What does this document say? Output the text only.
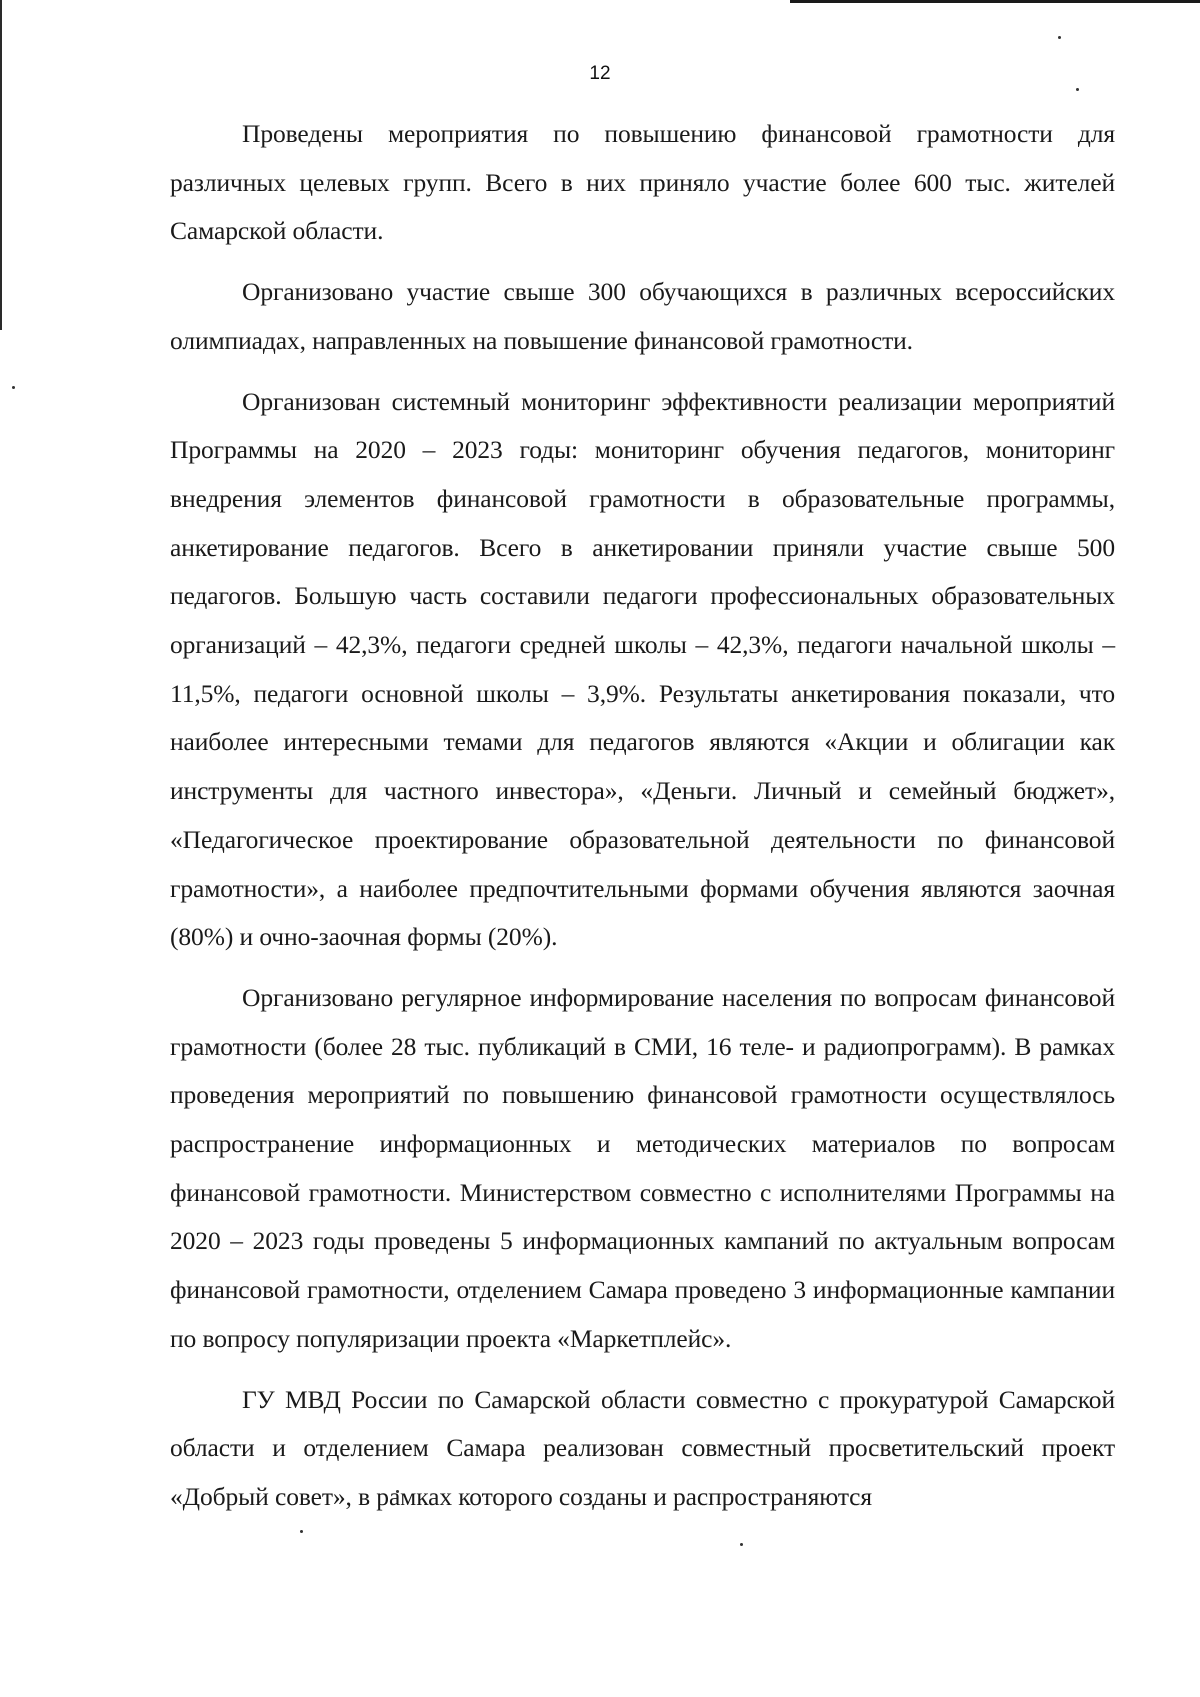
12

Проведены мероприятия по повышению финансовой грамотности для различных целевых групп. Всего в них приняло участие более 600 тыс. жителей Самарской области.

Организовано участие свыше 300 обучающихся в различных всероссийских олимпиадах, направленных на повышение финансовой грамотности.

Организован системный мониторинг эффективности реализации мероприятий Программы на 2020 – 2023 годы: мониторинг обучения педагогов, мониторинг внедрения элементов финансовой грамотности в образовательные программы, анкетирование педагогов. Всего в анкетировании приняли участие свыше 500 педагогов. Большую часть составили педагоги профессиональных образовательных организаций – 42,3%, педагоги средней школы – 42,3%, педагоги начальной школы – 11,5%, педагоги основной школы – 3,9%. Результаты анкетирования показали, что наиболее интересными темами для педагогов являются «Акции и облигации как инструменты для частного инвестора», «Деньги. Личный и семейный бюджет», «Педагогическое проектирование образовательной деятельности по финансовой грамотности», а наиболее предпочтительными формами обучения являются заочная (80%) и очно-заочная формы (20%).

Организовано регулярное информирование населения по вопросам финансовой грамотности (более 28 тыс. публикаций в СМИ, 16 теле- и радиопрограмм). В рамках проведения мероприятий по повышению финансовой грамотности осуществлялось распространение информационных и методических материалов по вопросам финансовой грамотности. Министерством совместно с исполнителями Программы на 2020 – 2023 годы проведены 5 информационных кампаний по актуальным вопросам финансовой грамотности, отделением Самара проведено 3 информационные кампании по вопросу популяризации проекта «Маркетплейс».

ГУ МВД России по Самарской области совместно с прокуратурой Самарской области и отделением Самара реализован совместный просветительский проект «Добрый совет», в рамках которого созданы и распространяются
